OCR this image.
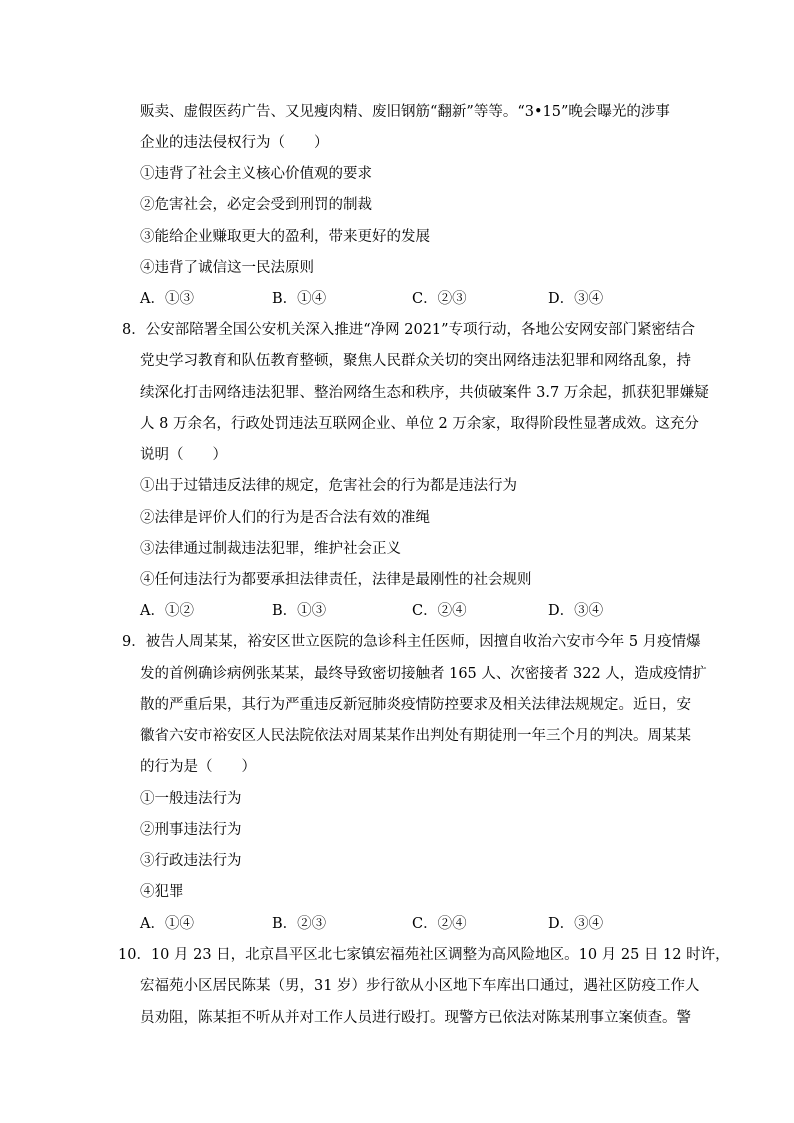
贩卖、虚假医药广告、又见瘦肉精、废旧钢筋“翻新”等等。“3•15”晚会曝光的涉事
企业的违法侵权行为（　　）
①违背了社会主义核心价值观的要求
②危害社会，必定会受到刑罚的制裁
③能给企业赚取更大的盈利，带来更好的发展
④违背了诚信这一民法原则
A．①③	B．①④	C．②③	D．③④
8．公安部陪署全国公安机关深入推进“净网 2021”专项行动，各地公安网安部门紧密结合
党史学习教育和队伍教育整顿，聚焦人民群众关切的突出网络违法犯罪和网络乱象，持
续深化打击网络违法犯罪、整治网络生态和秩序，共侦破案件 3.7 万余起，抓获犯罪嫌疑
人 8 万余名，行政处罚违法互联网企业、单位 2 万余家，取得阶段性显著成效。这充分
说明（　　）
①出于过错违反法律的规定，危害社会的行为都是违法行为
②法律是评价人们的行为是否合法有效的准绳
③法律通过制裁违法犯罪，维护社会正义
④任何违法行为都要承担法律责任，法律是最刚性的社会规则
A．①②	B．①③	C．②④	D．③④
9．被告人周某某，裕安区世立医院的急诊科主任医师，因擅自收治六安市今年 5 月疫情爆
发的首例确诊病例张某某，最终导致密切接触者 165 人、次密接者 322 人，造成疫情扩
散的严重后果，其行为严重违反新冠肺炎疫情防控要求及相关法律法规规定。近日，安
徽省六安市裕安区人民法院依法对周某某作出判处有期徒刑一年三个月的判决。周某某
的行为是（　　）
①一般违法行为
②刑事违法行为
③行政违法行为
④犯罪
A．①④	B．②③	C．②④	D．③④
10．10 月 23 日，北京昌平区北七家镇宏福苑社区调整为高风险地区。10 月 25 日 12 时许，
宏福苑小区居民陈某（男，31 岁）步行欲从小区地下车库出口通过，遇社区防疫工作人
员劝阻，陈某拒不听从并对工作人员进行殴打。现警方已依法对陈某刑事立案侦查。警
